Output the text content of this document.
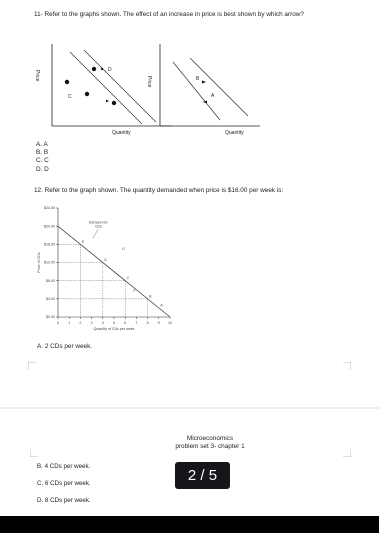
11- Refer to the graphs shown. The effect of an increase in price is best shown by which arrow?
D
C
Price
Quantity
B
A
Price
Quantity
A. A
B. B
C. C
D. D
12. Refer to the graph shown. The quantity demanded when price is $16.00 per week is:
$0.00
$4.00
$8.00
$12.00
$16.00
$20.00
$24.00
0	1	2	3	4	5	6	7	8	9 10
E
D
G
C
F
B
A
Demand for
CDs
Quantity of CDs per week
Price of CDs
A. 2 CDs per week.
Microeconomics
problem set 3- chapter 1
2 / 5
B. 4 CDs per week.
C. 6 CDs per week.
D. 8 CDs per week.
